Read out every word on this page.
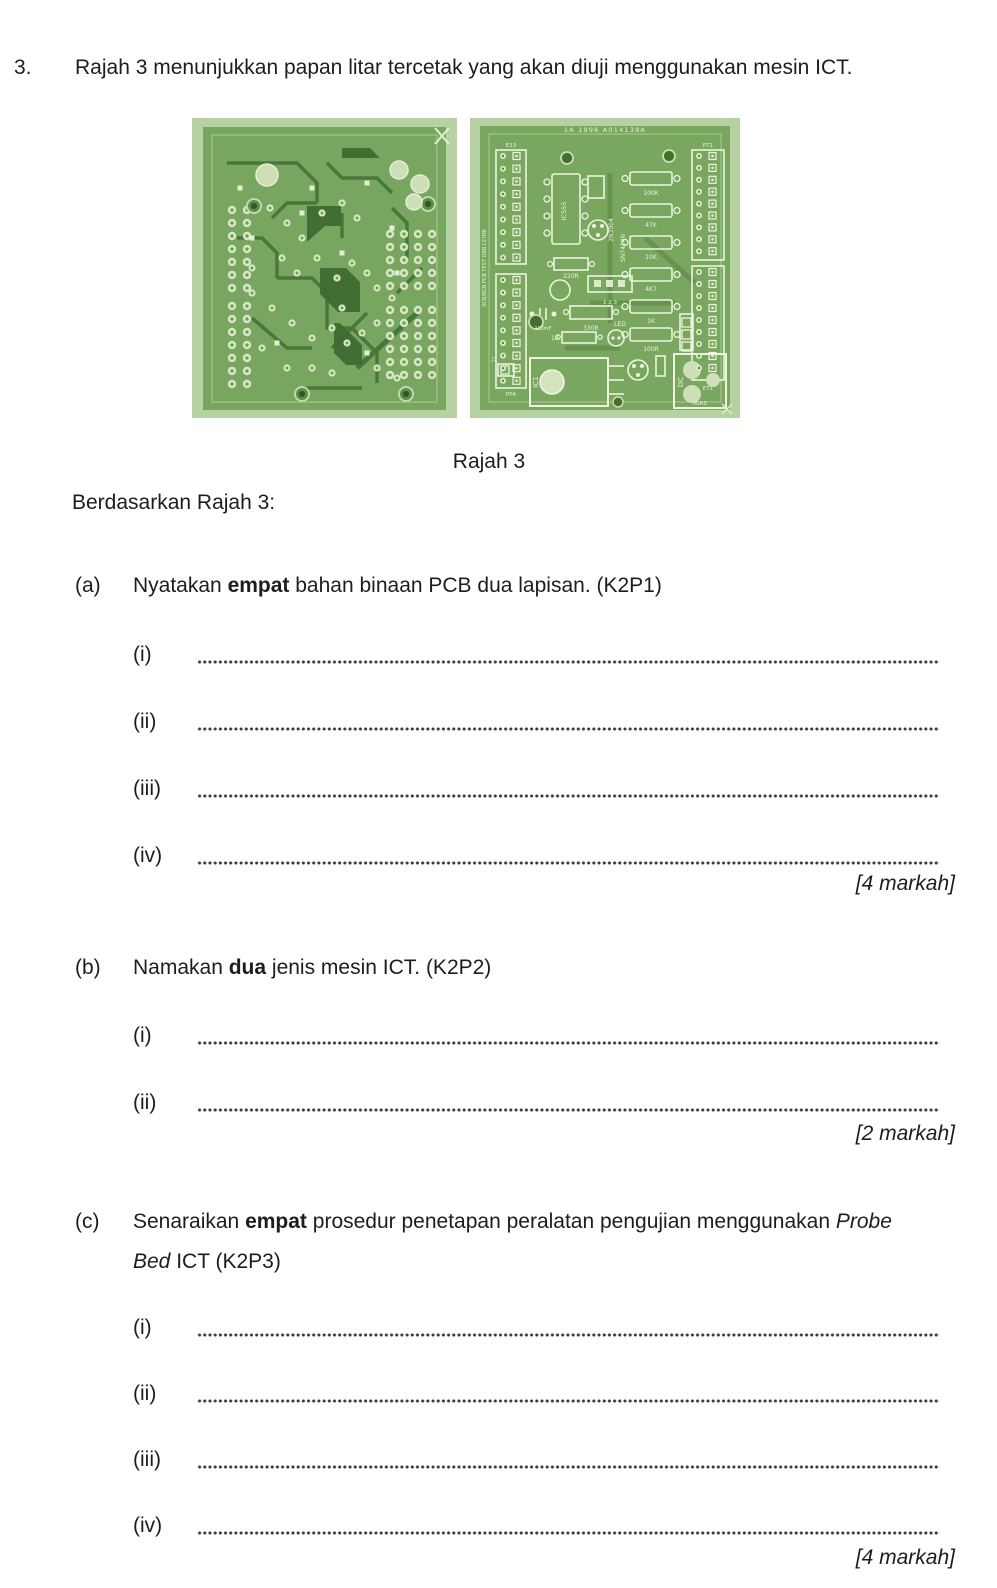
3.	Rajah 3 menunjukkan papan litar tercetak yang akan diuji menggunakan mesin ICT.
1A 1996 A014139A
SCB/BCB PCB TEST OBB LSTRB
IC555
2N3904
SN7414N
100K
47K
10K
4K7
1K
100R
220R
330R
1R
100nF
LED
IC1	DC
J1
1 2 3
AGND
E13
PP4
PT1
ET1
Rajah 3
Berdasarkan Rajah 3:
(a)	Nyatakan empat bahan binaan PCB dua lapisan. (K2P1)
(i)
(ii)
(iii)
(iv)
[4 markah]
(b)	Namakan dua jenis mesin ICT. (K2P2)
(i)
(ii)
[2 markah]
(c)	Senaraikan empat prosedur penetapan peralatan pengujian menggunakan Probe
Bed ICT (K2P3)
(i)
(ii)
(iii)
(iv)
[4 markah]
